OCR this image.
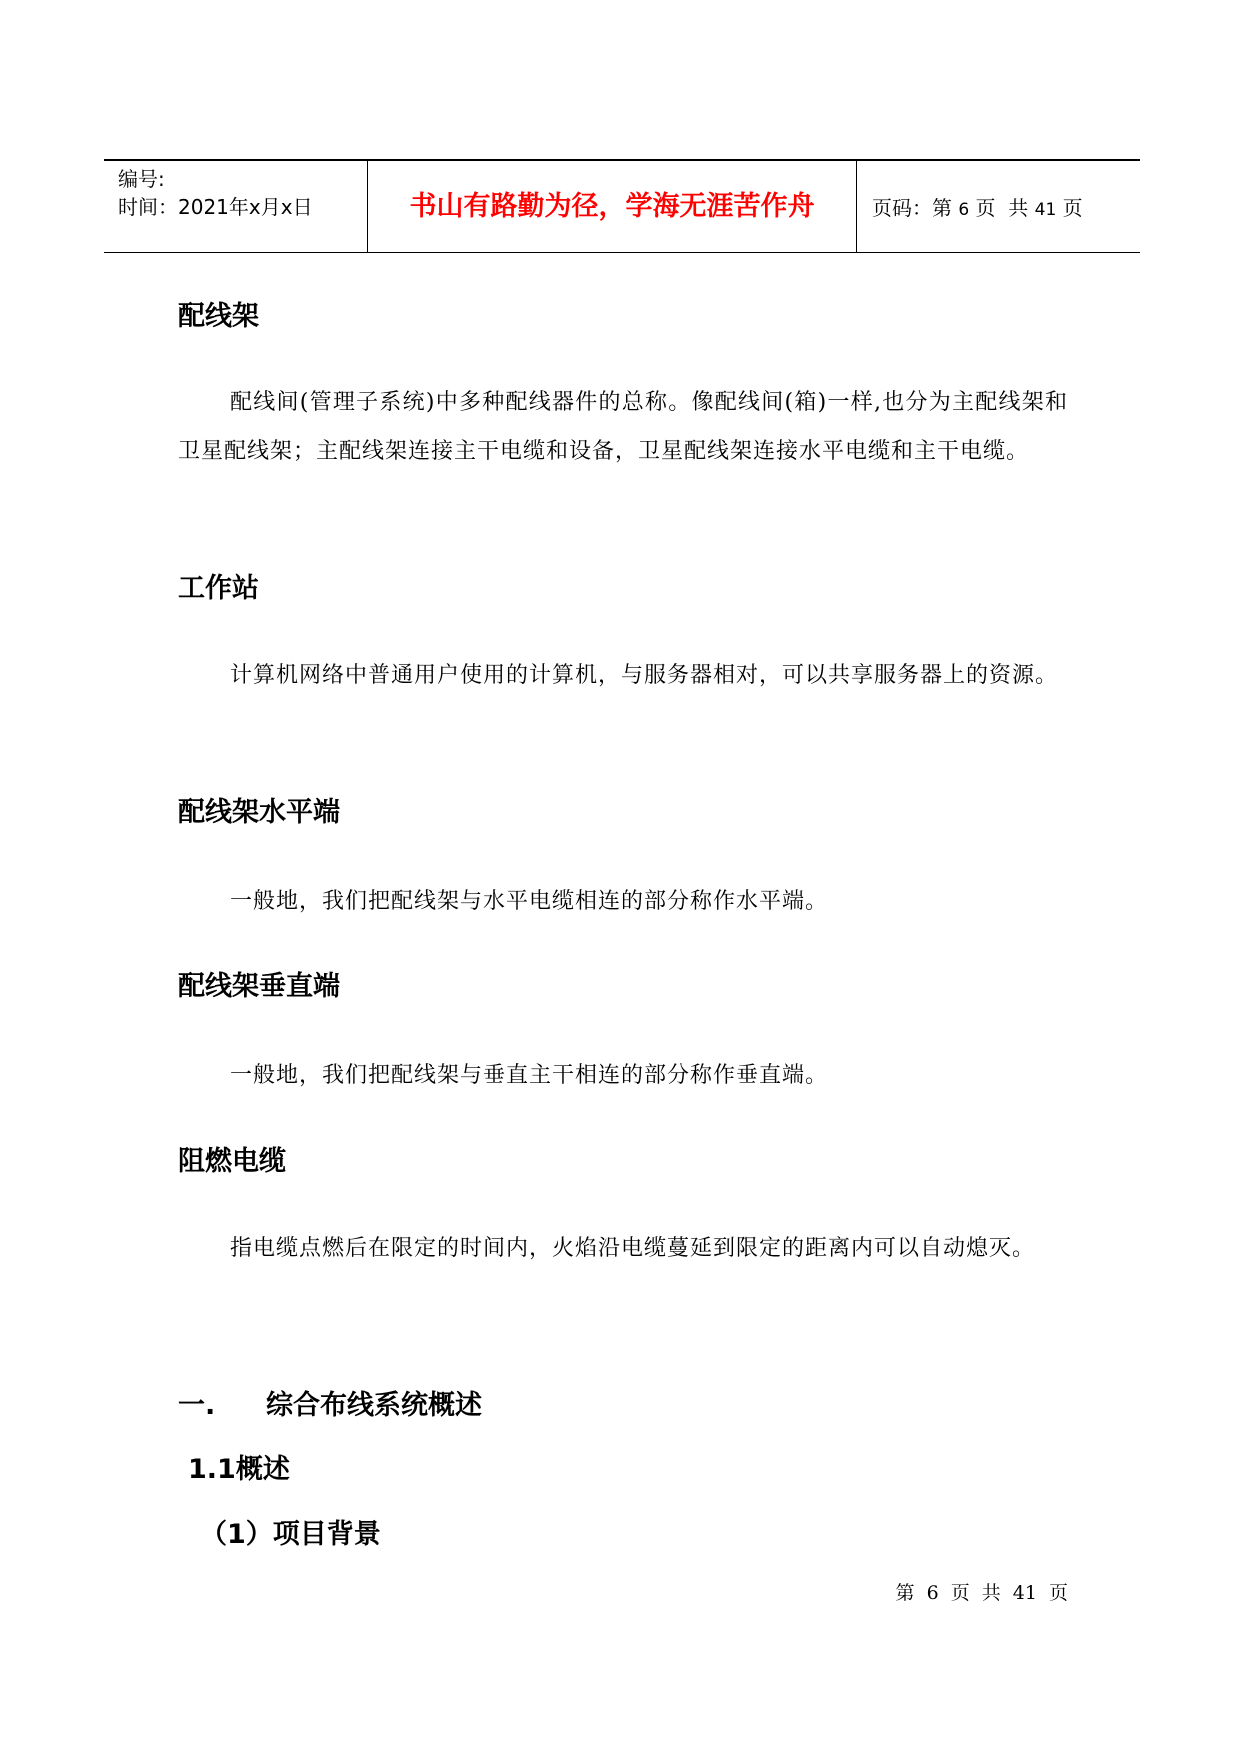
编号:
时间：2021年x月x日	书山有路勤为径，学海无涯苦作舟	页码：第 6 页  共 41 页
配线架
配线间(管理子系统)中多种配线器件的总称。像配线间(箱)一样,也分为主配线架和卫星配线架；主配线架连接主干电缆和设备，卫星配线架连接水平电缆和主干电缆。
工作站
计算机网络中普通用户使用的计算机，与服务器相对，可以共享服务器上的资源。
配线架水平端
一般地，我们把配线架与水平电缆相连的部分称作水平端。
配线架垂直端
一般地，我们把配线架与垂直主干相连的部分称作垂直端。
阻燃电缆
指电缆点燃后在限定的时间内，火焰沿电缆蔓延到限定的距离内可以自动熄灭。
一. 综合布线系统概述
1.1概述
（1）项目背景
第 6 页 共 41 页
